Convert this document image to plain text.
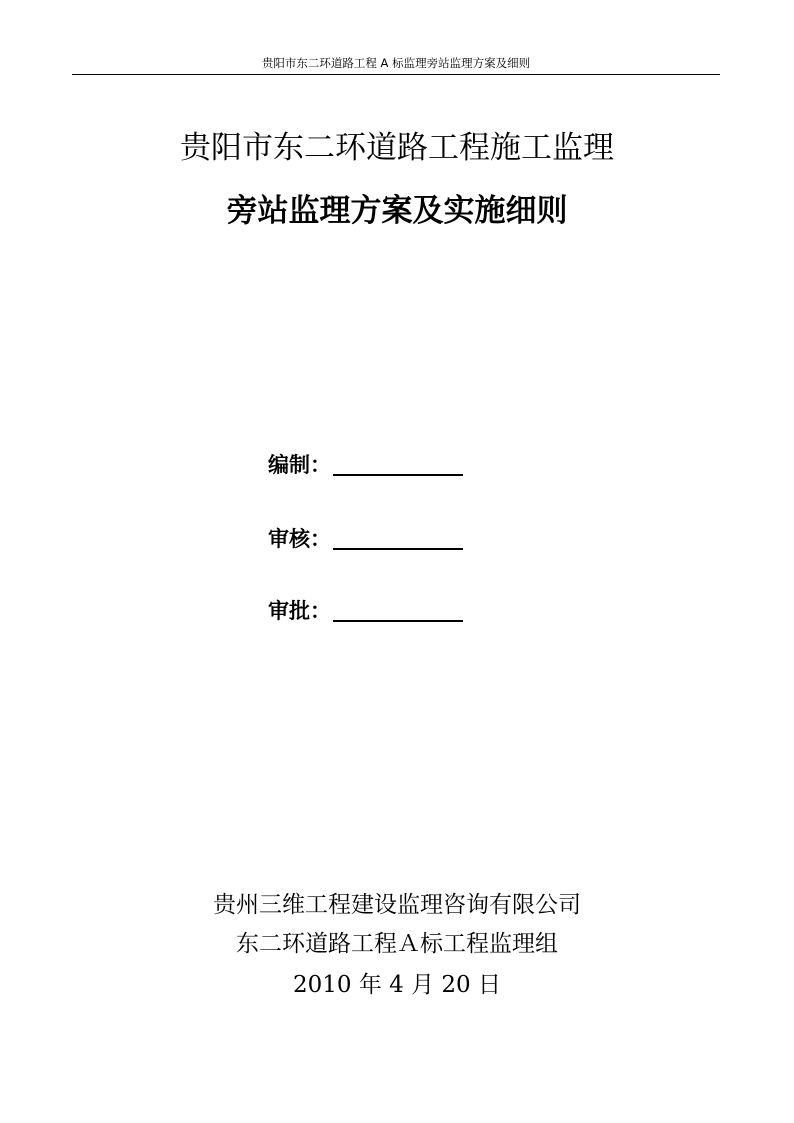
贵阳市东二环道路工程 A 标监理旁站监理方案及细则
贵阳市东二环道路工程施工监理
旁站监理方案及实施细则
编制：
审核：
审批：
贵州三维工程建设监理咨询有限公司
东二环道路工程Ａ标工程监理组
2010 年 4 月 20 日
